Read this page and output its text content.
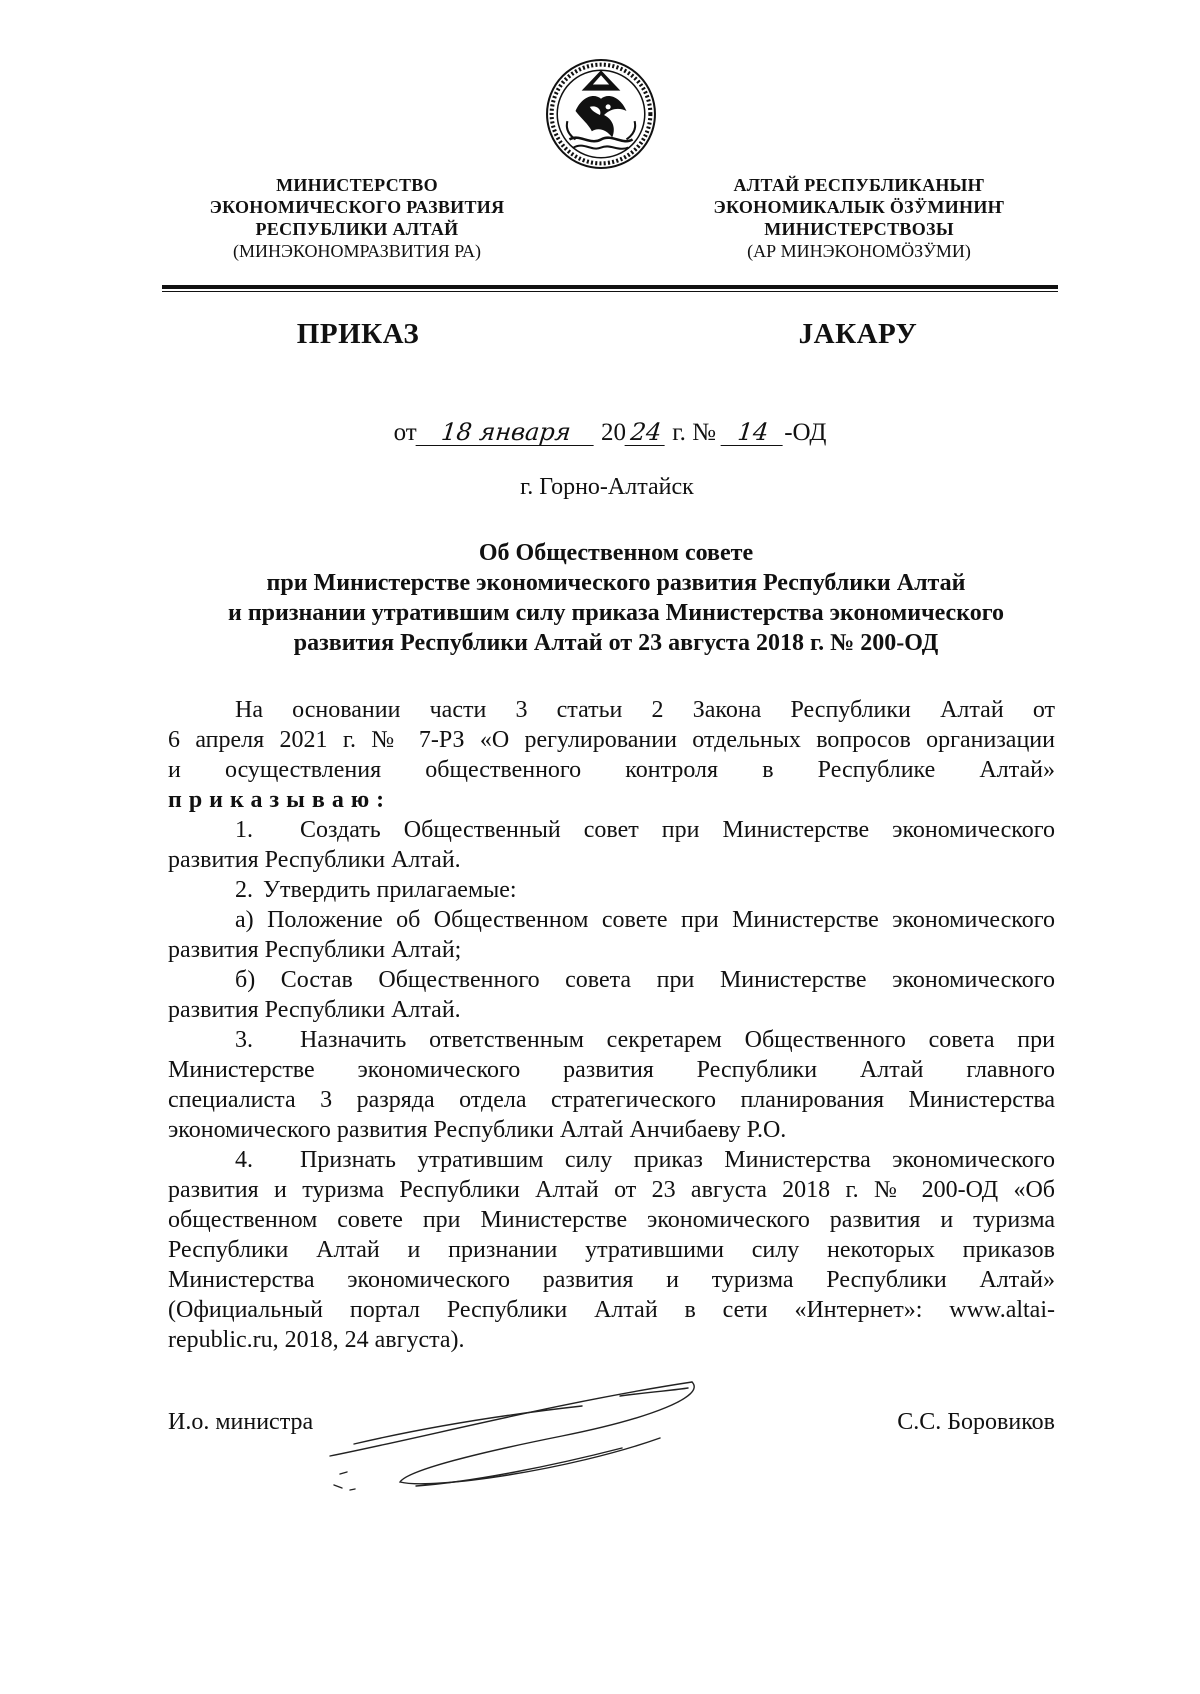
МИНИСТЕРСТВО
ЭКОНОМИЧЕСКОГО РАЗВИТИЯ
РЕСПУБЛИКИ АЛТАЙ
(МИНЭКОНОМРАЗВИТИЯ РА)
АЛТАЙ РЕСПУБЛИКАНЫҤ
ЭКОНОМИКАЛЫК ӦЗӰМИНИҤ
МИНИСТЕРСТВОЗЫ
(АР МИНЭКОНОМӦЗӰМИ)
ПРИКАЗ	ЈАКАРУ
от 18 января 20 24 г. № 14 -ОД
г. Горно-Алтайск
Об Общественном совете
при Министерстве экономического развития Республики Алтай
и признании утратившим силу приказа Министерства экономического
развития Республики Алтай от 23 августа 2018 г. № 200-ОД
На основании части 3 статьи 2 Закона Республики Алтай от
6 апреля 2021 г. № 7-РЗ «О регулировании отдельных вопросов организации
и осуществления общественного контроля в Республике Алтай»
приказываю:
1.	Создать Общественный совет при Министерстве экономического
развития Республики Алтай.
2. Утвердить прилагаемые:
а) Положение об Общественном совете при Министерстве экономического
развития Республики Алтай;
б) Состав Общественного совета при Министерстве экономического
развития Республики Алтай.
3.	Назначить ответственным секретарем Общественного совета при
Министерстве экономического развития Республики Алтай главного
специалиста 3 разряда отдела стратегического планирования Министерства
экономического развития Республики Алтай Анчибаеву Р.О.
4.	Признать утратившим силу приказ Министерства экономического
развития и туризма Республики Алтай от 23 августа 2018 г. № 200-ОД «Об
общественном совете при Министерстве экономического развития и туризма
Республики Алтай и признании утратившими силу некоторых приказов
Министерства экономического развития и туризма Республики Алтай»
(Официальный портал Республики Алтай в сети «Интернет»: www.altai-
republic.ru, 2018, 24 августа).
И.о. министра	С.С. Боровиков
